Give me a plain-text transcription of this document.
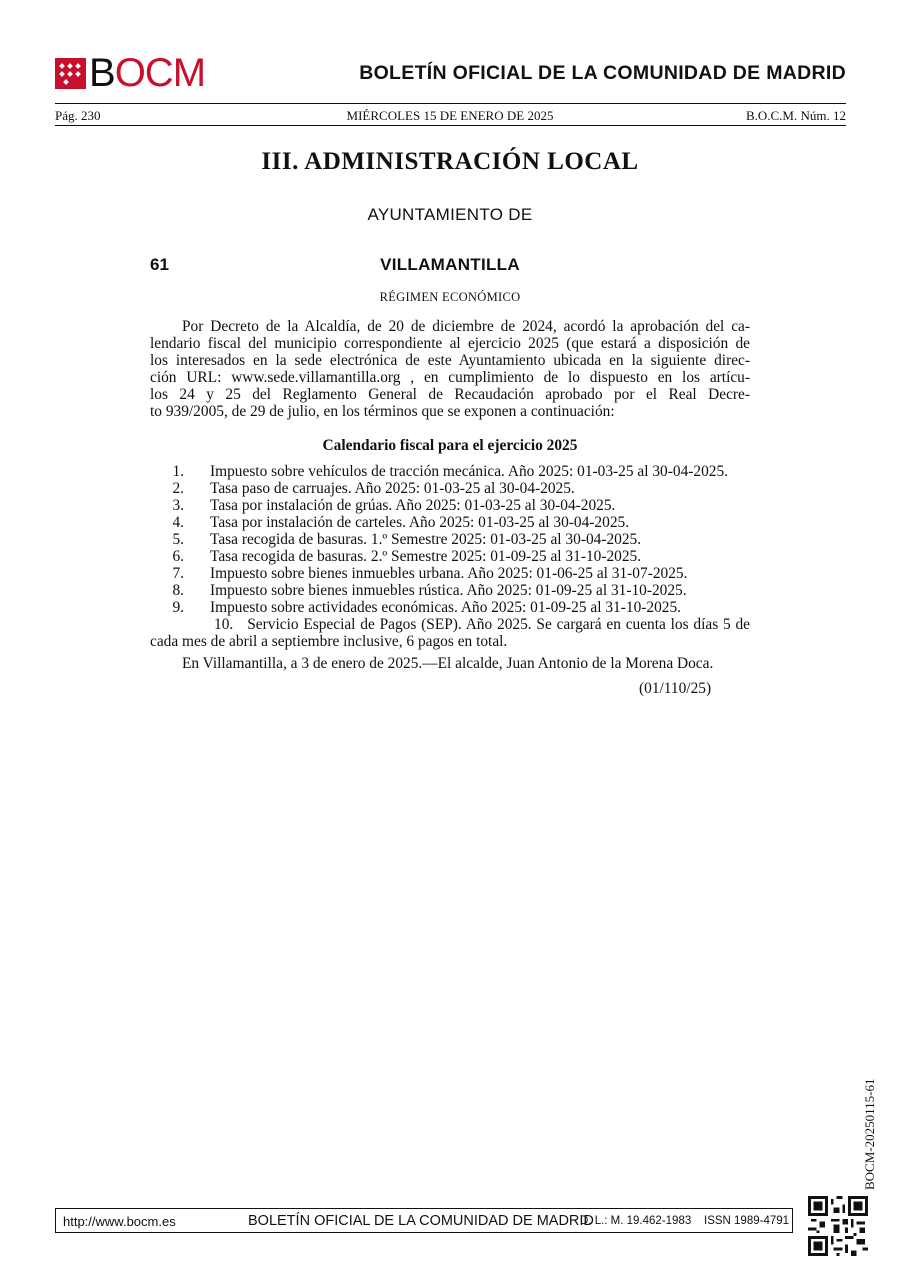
BOCM	BOLETÍN OFICIAL DE LA COMUNIDAD DE MADRID
Pág. 230	MIÉRCOLES 15 DE ENERO DE 2025	B.O.C.M. Núm. 12
III. ADMINISTRACIÓN LOCAL
AYUNTAMIENTO DE
61	VILLAMANTILLA
RÉGIMEN ECONÓMICO
Por Decreto de la Alcaldía, de 20 de diciembre de 2024, acordó la aprobación del ca-
lendario fiscal del municipio correspondiente al ejercicio 2025 (que estará a disposición de
los interesados en la sede electrónica de este Ayuntamiento ubicada en la siguiente direc-
ción URL: www.sede.villamantilla.org , en cumplimiento de lo dispuesto en los artícu-
los 24 y 25 del Reglamento General de Recaudación aprobado por el Real Decre-
to 939/2005, de 29 de julio, en los términos que se exponen a continuación:
Calendario fiscal para el ejercicio 2025
1.	Impuesto sobre vehículos de tracción mecánica. Año 2025: 01-03-25 al 30-04-2025.
2.	Tasa paso de carruajes. Año 2025: 01-03-25 al 30-04-2025.
3.	Tasa por instalación de grúas. Año 2025: 01-03-25 al 30-04-2025.
4.	Tasa por instalación de carteles. Año 2025: 01-03-25 al 30-04-2025.
5.	Tasa recogida de basuras. 1.º Semestre 2025: 01-03-25 al 30-04-2025.
6.	Tasa recogida de basuras. 2.º Semestre 2025: 01-09-25 al 31-10-2025.
7.	Impuesto sobre bienes inmuebles urbana. Año 2025: 01-06-25 al 31-07-2025.
8.	Impuesto sobre bienes inmuebles rústica. Año 2025: 01-09-25 al 31-10-2025.
9.	Impuesto sobre actividades económicas. Año 2025: 01-09-25 al 31-10-2025.
10. Servicio Especial de Pagos (SEP). Año 2025. Se cargará en cuenta los días 5 de cada mes de abril a septiembre inclusive, 6 pagos en total.
En Villamantilla, a 3 de enero de 2025.—El alcalde, Juan Antonio de la Morena Doca.
(01/110/25)
BOCM-20250115-61
http://www.bocm.es	BOLETÍN OFICIAL DE LA COMUNIDAD DE MADRID
D. L.: M. 19.462-1983 ISSN 1989-4791
